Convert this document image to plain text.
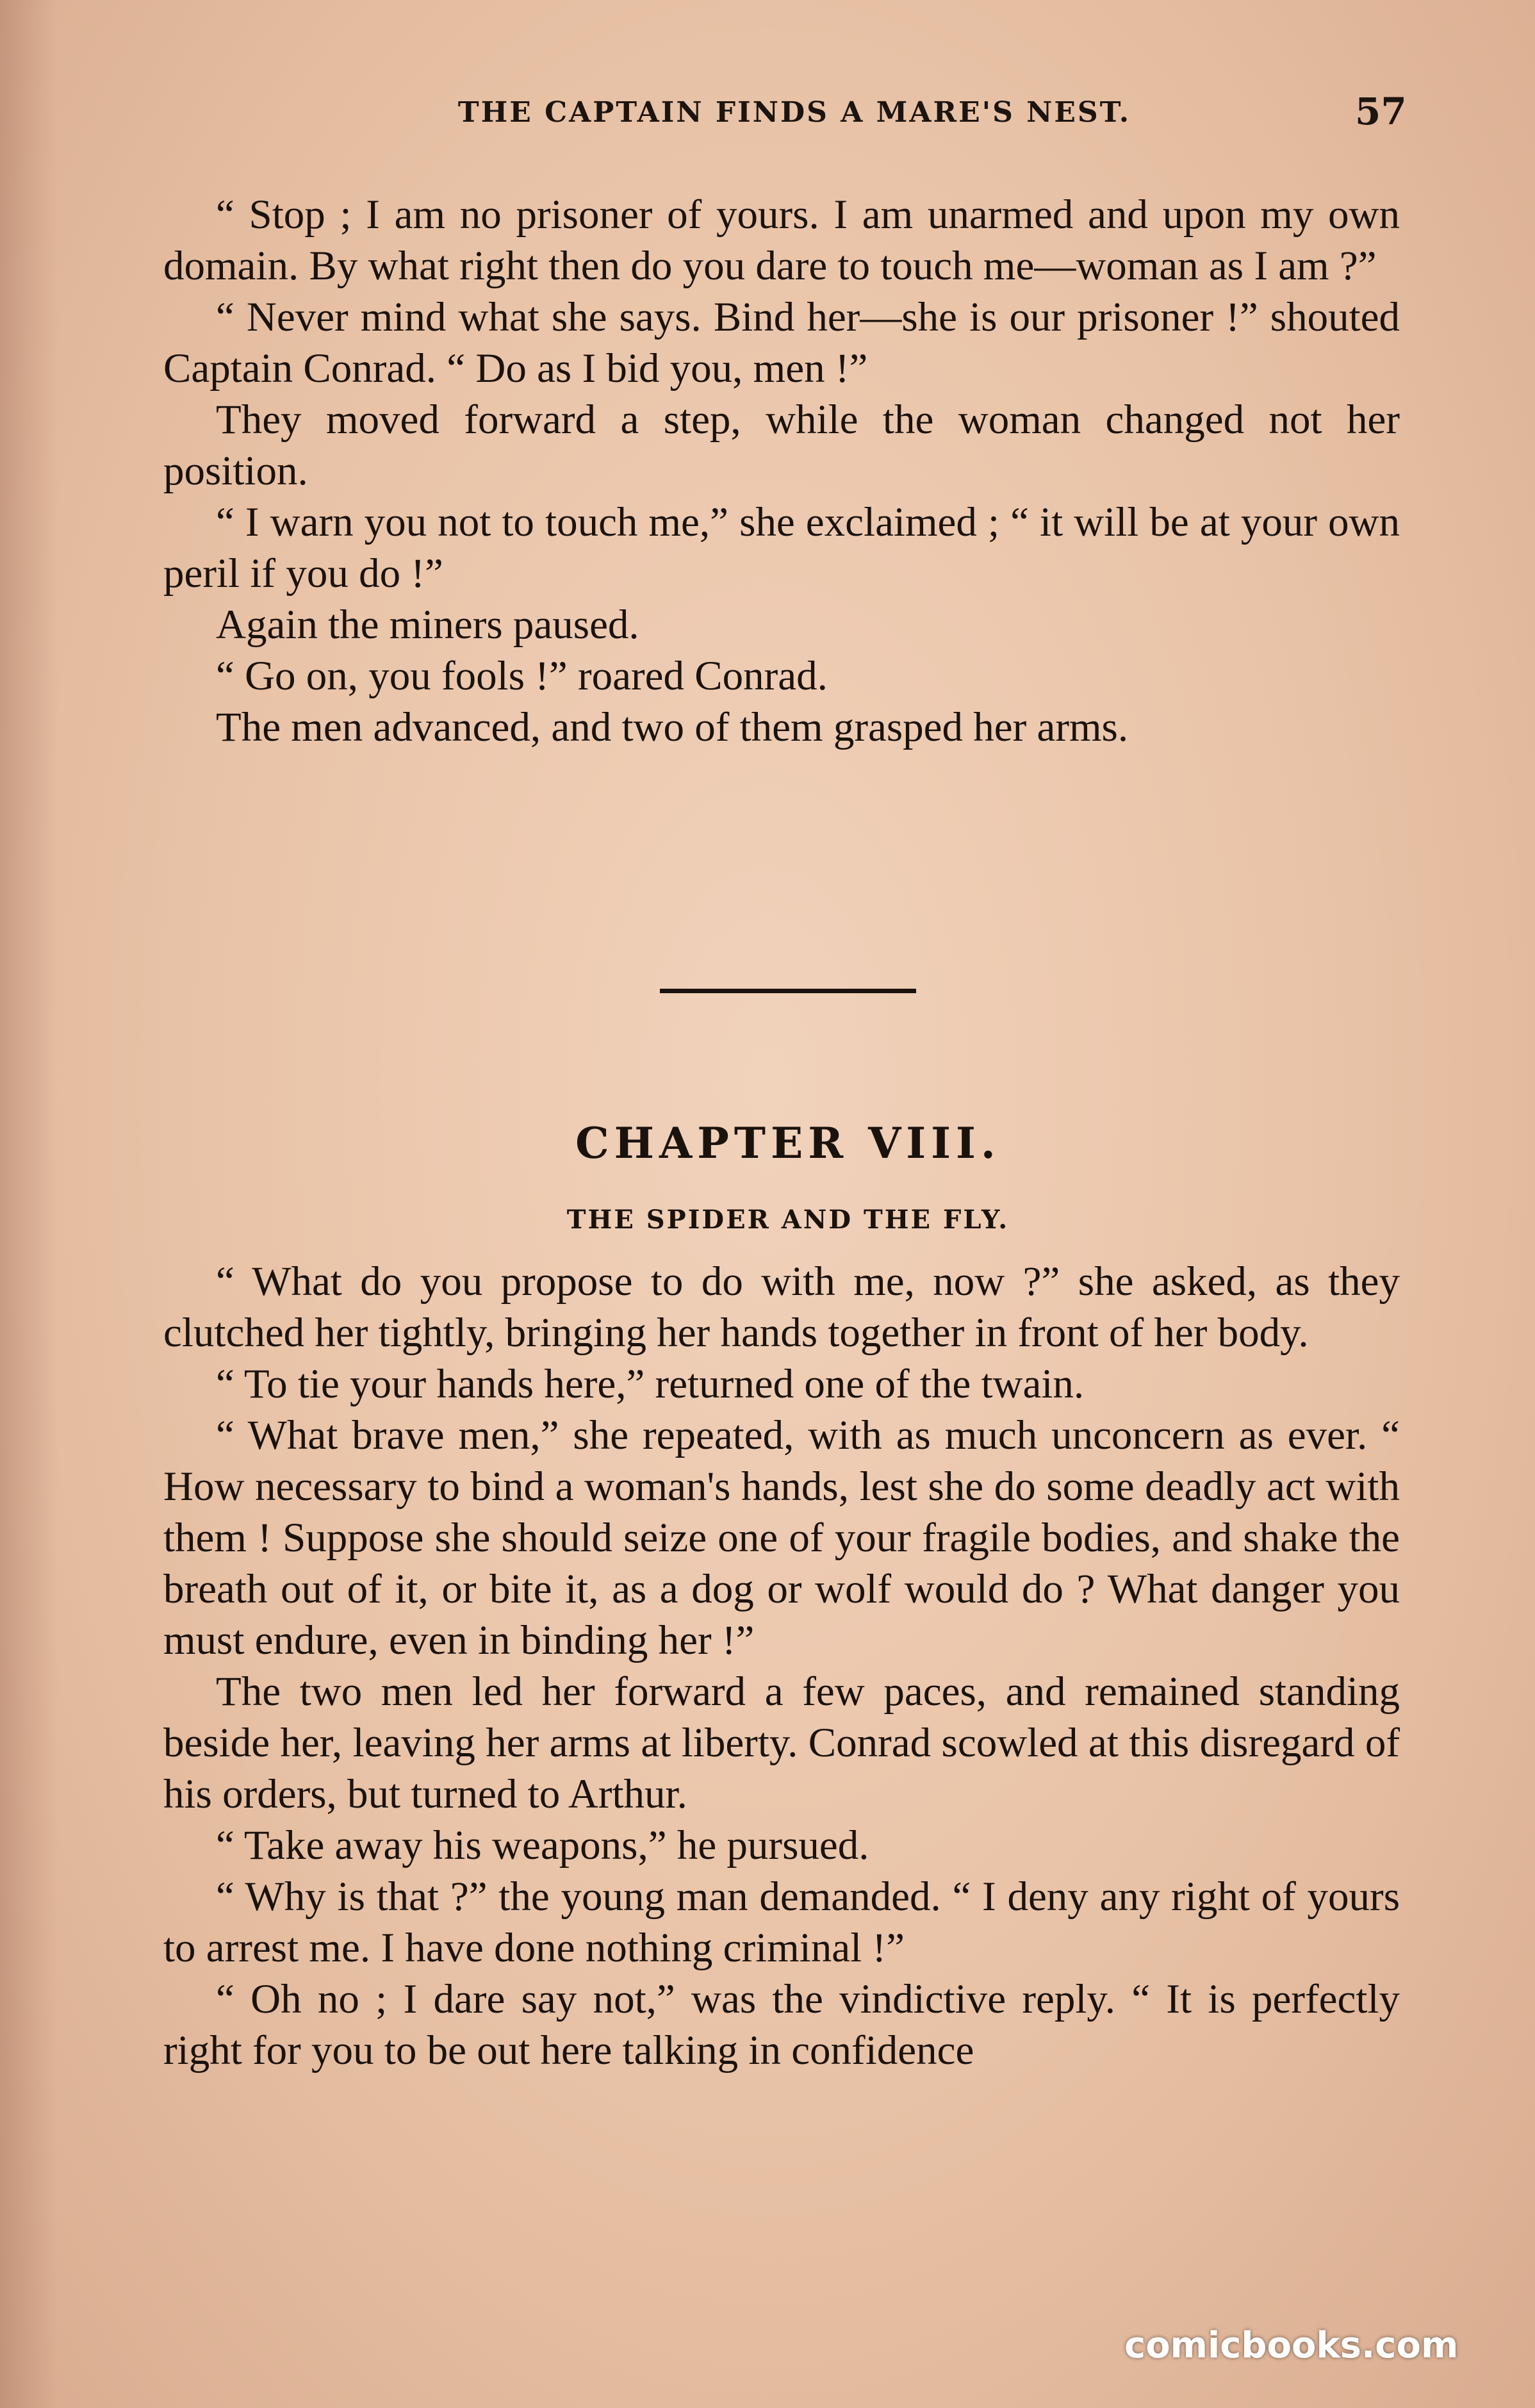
THE CAPTAIN FINDS A MARE'S NEST.	57

“ Stop ; I am no prisoner of yours. I am unarmed and upon my own domain. By what right then do you dare to touch me—woman as I am ?”

“ Never mind what she says. Bind her—she is our prisoner !” shouted Captain Conrad. “ Do as I bid you, men !”

They moved forward a step, while the woman changed not her position.

“ I warn you not to touch me,” she exclaimed ; “ it will be at your own peril if you do !”

Again the miners paused.

“ Go on, you fools !” roared Conrad.

The men advanced, and two of them grasped her arms.

CHAPTER VIII.
THE SPIDER AND THE FLY.

“ What do you propose to do with me, now ?” she asked, as they clutched her tightly, bringing her hands together in front of her body.

“ To tie your hands here,” returned one of the twain.

“ What brave men,” she repeated, with as much unconcern as ever. “ How necessary to bind a woman's hands, lest she do some deadly act with them ! Suppose she should seize one of your fragile bodies, and shake the breath out of it, or bite it, as a dog or wolf would do ? What danger you must endure, even in binding her !”

The two men led her forward a few paces, and remained standing beside her, leaving her arms at liberty. Conrad scowled at this disregard of his orders, but turned to Arthur.

“ Take away his weapons,” he pursued.

“ Why is that ?” the young man demanded. “ I deny any right of yours to arrest me. I have done nothing criminal !”

“ Oh no ; I dare say not,” was the vindictive reply. “ It is perfectly right for you to be out here talking in confidence

comicbooks.com
